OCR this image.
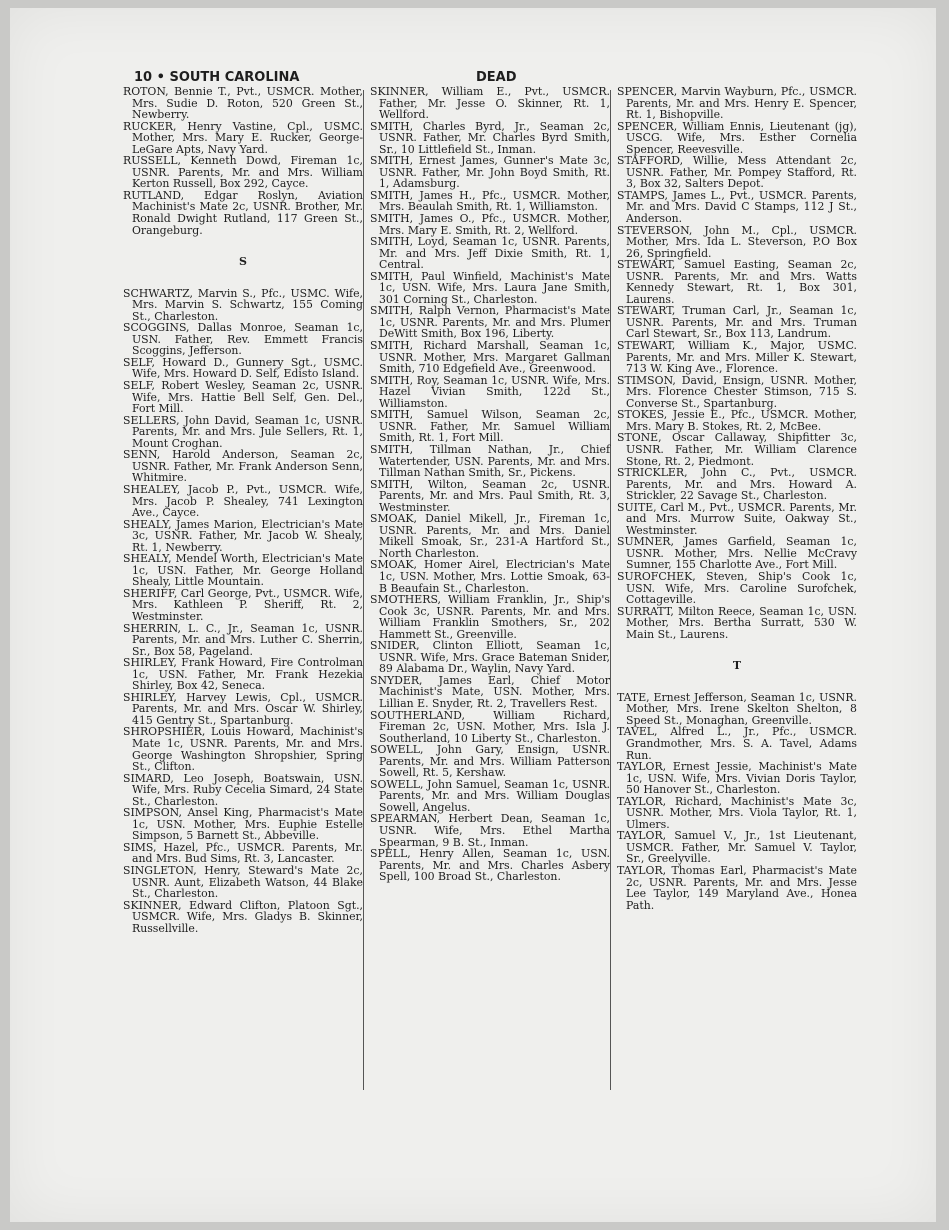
10 • SOUTH CAROLINA	DEAD

ROTON, Bennie T., Pvt., USMCR. Mother, Mrs. Sudie D. Roton, 520 Green St., Newberry.

RUCKER, Henry Vastine, Cpl., USMC. Mother, Mrs. Mary E. Rucker, George-LeGare Apts, Navy Yard.

RUSSELL, Kenneth Dowd, Fireman 1c, USNR. Parents, Mr. and Mrs. William Kerton Russell, Box 292, Cayce.

RUTLAND, Edgar Roslyn, Aviation Machinist's Mate 2c, USNR. Brother, Mr. Ronald Dwight Rutland, 117 Green St., Orangeburg.

S

SCHWARTZ, Marvin S., Pfc., USMC. Wife, Mrs. Marvin S. Schwartz, 155 Coming St., Charleston.

SCOGGINS, Dallas Monroe, Seaman 1c, USN. Father, Rev. Emmett Francis Scoggins, Jefferson.

SELF, Howard D., Gunnery Sgt., USMC. Wife, Mrs. Howard D. Self, Edisto Island.

SELF, Robert Wesley, Seaman 2c, USNR. Wife, Mrs. Hattie Bell Self, Gen. Del., Fort Mill.

SELLERS, John David, Seaman 1c, USNR. Parents, Mr. and Mrs. Jule Sellers, Rt. 1, Mount Croghan.

SENN, Harold Anderson, Seaman 2c, USNR. Father, Mr. Frank Anderson Senn, Whitmire.

SHEALEY, Jacob P., Pvt., USMCR. Wife, Mrs. Jacob P. Shealey, 741 Lexington Ave., Cayce.

SHEALY, James Marion, Electrician's Mate 3c, USNR. Father, Mr. Jacob W. Shealy, Rt. 1, Newberry.

SHEALY, Mendel Worth, Electrician's Mate 1c, USN. Father, Mr. George Holland Shealy, Little Mountain.

SHERIFF, Carl George, Pvt., USMCR. Wife, Mrs. Kathleen P. Sheriff, Rt. 2, Westminster.

SHERRIN, L. C., Jr., Seaman 1c, USNR. Parents, Mr. and Mrs. Luther C. Sherrin, Sr., Box 58, Pageland.

SHIRLEY, Frank Howard, Fire Controlman 1c, USN. Father, Mr. Frank Hezekia Shirley, Box 42, Seneca.

SHIRLEY, Harvey Lewis, Cpl., USMCR. Parents, Mr. and Mrs. Oscar W. Shirley, 415 Gentry St., Spartanburg.

SHROPSHIER, Louis Howard, Machinist's Mate 1c, USNR. Parents, Mr. and Mrs. George Washington Shropshier, Spring St., Clifton.

SIMARD, Leo Joseph, Boatswain, USN. Wife, Mrs. Ruby Cecelia Simard, 24 State St., Charleston.

SIMPSON, Ansel King, Pharmacist's Mate 1c, USN. Mother, Mrs. Euphie Estelle Simpson, 5 Barnett St., Abbeville.

SIMS, Hazel, Pfc., USMCR. Parents, Mr. and Mrs. Bud Sims, Rt. 3, Lancaster.

SINGLETON, Henry, Steward's Mate 2c, USNR. Aunt, Elizabeth Watson, 44 Blake St., Charleston.

SKINNER, Edward Clifton, Platoon Sgt., USMCR. Wife, Mrs. Gladys B. Skinner, Russellville.

SKINNER, William E., Pvt., USMCR. Father, Mr. Jesse O. Skinner, Rt. 1, Wellford.

SMITH, Charles Byrd, Jr., Seaman 2c, USNR. Father, Mr. Charles Byrd Smith, Sr., 10 Littlefield St., Inman.

SMITH, Ernest James, Gunner's Mate 3c, USNR. Father, Mr. John Boyd Smith, Rt. 1, Adamsburg.

SMITH, James H., Pfc., USMCR. Mother, Mrs. Beaulah Smith, Rt. 1, Williamston.

SMITH, James O., Pfc., USMCR. Mother, Mrs. Mary E. Smith, Rt. 2, Wellford.

SMITH, Loyd, Seaman 1c, USNR. Parents, Mr. and Mrs. Jeff Dixie Smith, Rt. 1, Central.

SMITH, Paul Winfield, Machinist's Mate 1c, USN. Wife, Mrs. Laura Jane Smith, 301 Corning St., Charleston.

SMITH, Ralph Vernon, Pharmacist's Mate 1c, USNR. Parents, Mr. and Mrs. Plumer DeWitt Smith, Box 196, Liberty.

SMITH, Richard Marshall, Seaman 1c, USNR. Mother, Mrs. Margaret Gallman Smith, 710 Edgefield Ave., Greenwood.

SMITH, Roy, Seaman 1c, USNR. Wife, Mrs. Hazel Vivian Smith, 122d St., Williamston.

SMITH, Samuel Wilson, Seaman 2c, USNR. Father, Mr. Samuel William Smith, Rt. 1, Fort Mill.

SMITH, Tillman Nathan, Jr., Chief Watertender, USN. Parents, Mr. and Mrs. Tillman Nathan Smith, Sr., Pickens.

SMITH, Wilton, Seaman 2c, USNR. Parents, Mr. and Mrs. Paul Smith, Rt. 3, Westminster.

SMOAK, Daniel Mikell, Jr., Fireman 1c, USNR. Parents, Mr. and Mrs. Daniel Mikell Smoak, Sr., 231-A Hartford St., North Charleston.

SMOAK, Homer Airel, Electrician's Mate 1c, USN. Mother, Mrs. Lottie Smoak, 63-B Beaufain St., Charleston.

SMOTHERS, William Franklin, Jr., Ship's Cook 3c, USNR. Parents, Mr. and Mrs. William Franklin Smothers, Sr., 202 Hammett St., Greenville.

SNIDER, Clinton Elliott, Seaman 1c, USNR. Wife, Mrs. Grace Bateman Snider, 89 Alabama Dr., Waylin, Navy Yard.

SNYDER, James Earl, Chief Motor Machinist's Mate, USN. Mother, Mrs. Lillian E. Snyder, Rt. 2, Travellers Rest.

SOUTHERLAND, William Richard, Fireman 2c, USN. Mother, Mrs. Isla J. Southerland, 10 Liberty St., Charleston.

SOWELL, John Gary, Ensign, USNR. Parents, Mr. and Mrs. William Patterson Sowell, Rt. 5, Kershaw.

SOWELL, John Samuel, Seaman 1c, USNR. Parents, Mr. and Mrs. William Douglas Sowell, Angelus.

SPEARMAN, Herbert Dean, Seaman 1c, USNR. Wife, Mrs. Ethel Martha Spearman, 9 B. St., Inman.

SPELL, Henry Allen, Seaman 1c, USN. Parents, Mr. and Mrs. Charles Asbery Spell, 100 Broad St., Charleston.

SPENCER, Marvin Wayburn, Pfc., USMCR. Parents, Mr. and Mrs. Henry E. Spencer, Rt. 1, Bishopville.

SPENCER, William Ennis, Lieutenant (jg), USCG. Wife, Mrs. Esther Cornelia Spencer, Reevesville.

STAFFORD, Willie, Mess Attendant 2c, USNR. Father, Mr. Pompey Stafford, Rt. 3, Box 32, Salters Depot.

STAMPS, James L., Pvt., USMCR. Parents, Mr. and Mrs. David C Stamps, 112 J St., Anderson.

STEVERSON, John M., Cpl., USMCR. Mother, Mrs. Ida L. Steverson, P.O Box 26, Springfield.

STEWART, Samuel Easting, Seaman 2c, USNR. Parents, Mr. and Mrs. Watts Kennedy Stewart, Rt. 1, Box 301, Laurens.

STEWART, Truman Carl, Jr., Seaman 1c, USNR. Parents, Mr. and Mrs. Truman Carl Stewart, Sr., Box 113, Landrum.

STEWART, William K., Major, USMC. Parents, Mr. and Mrs. Miller K. Stewart, 713 W. King Ave., Florence.

STIMSON, David, Ensign, USNR. Mother, Mrs. Florence Chester Stimson, 715 S. Converse St., Spartanburg.

STOKES, Jessie E., Pfc., USMCR. Mother, Mrs. Mary B. Stokes, Rt. 2, McBee.

STONE, Oscar Callaway, Shipfitter 3c, USNR. Father, Mr. William Clarence Stone, Rt. 2, Piedmont.

STRICKLER, John C., Pvt., USMCR. Parents, Mr. and Mrs. Howard A. Strickler, 22 Savage St., Charleston.

SUITE, Carl M., Pvt., USMCR. Parents, Mr. and Mrs. Murrow Suite, Oakway St., Westminster.

SUMNER, James Garfield, Seaman 1c, USNR. Mother, Mrs. Nellie McCravy Sumner, 155 Charlotte Ave., Fort Mill.

SUROFCHEK, Steven, Ship's Cook 1c, USN. Wife, Mrs. Caroline Surofchek, Cottageville.

SURRATT, Milton Reece, Seaman 1c, USN. Mother, Mrs. Bertha Surratt, 530 W. Main St., Laurens.

T

TATE, Ernest Jefferson, Seaman 1c, USNR. Mother, Mrs. Irene Skelton Shelton, 8 Speed St., Monaghan, Greenville.

TAVEL, Alfred L., Jr., Pfc., USMCR. Grandmother, Mrs. S. A. Tavel, Adams Run.

TAYLOR, Ernest Jessie, Machinist's Mate 1c, USN. Wife, Mrs. Vivian Doris Taylor, 50 Hanover St., Charleston.

TAYLOR, Richard, Machinist's Mate 3c, USNR. Mother, Mrs. Viola Taylor, Rt. 1, Ulmers.

TAYLOR, Samuel V., Jr., 1st Lieutenant, USMCR. Father, Mr. Samuel V. Taylor, Sr., Greelyville.

TAYLOR, Thomas Earl, Pharmacist's Mate 2c, USNR. Parents, Mr. and Mrs. Jesse Lee Taylor, 149 Maryland Ave., Honea Path.
